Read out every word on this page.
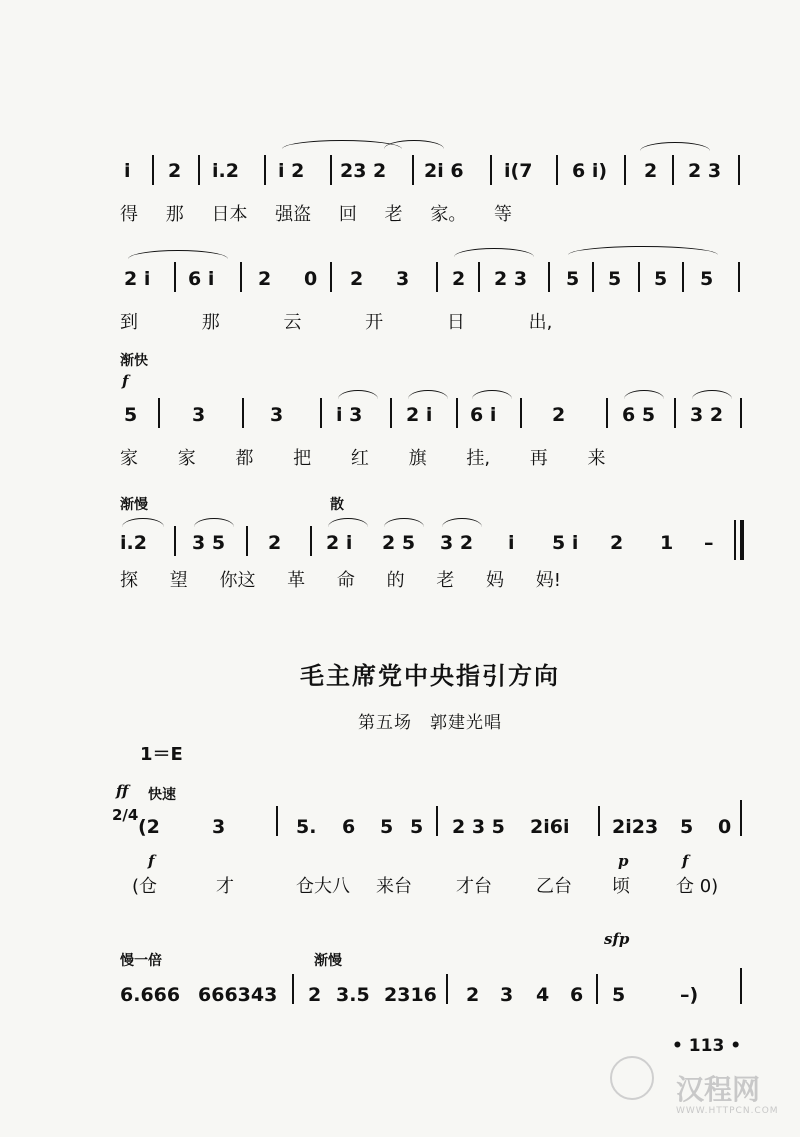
i 2 i.2 i 2 23 2 2i 6 i(7 6 i) 2 2 3
得 那 日本 强盗 回 老 家。 等
2 i 6 i 2 0 2 3 2 2 3 5 5 5 5
到 那 云 开 日 出,
渐快
f
5	3	3	i 3 2 i 6 i	2	6 5 3 2
家 家 都 把 红 旗 挂, 再 来
渐慢	散
i.2 3 5 2 2 i 2 5 3 2 i 5 i 2 1 –
探 望 你这 革 命 的 老 妈 妈!
毛主席党中央指引方向
第五场　郭建光唱
1＝E
ff 快速
2/4
(2	3	5. 6 5 5 2 3 5 2i6i 2i23 5 0
f	p	f
(仓	才	仓大八 来台 才台 乙台 顷	仓 0)
慢一倍	渐慢
sfp
6.666 666343 2 3.5 2316 2 3 4 6 5	–)
• 113 •
汉程网
WWW.HTTPCN.COM
